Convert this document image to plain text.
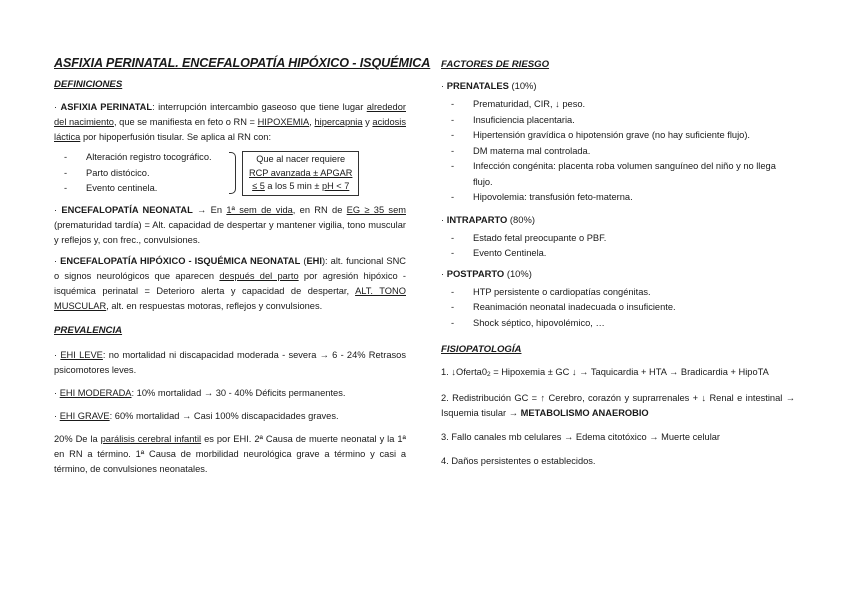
ASFIXIA PERINATAL. ENCEFALOPATÍA HIPÓXICO - ISQUÉMICA
DEFINICIONES

· ASFIXIA PERINATAL: interrupción intercambio gaseoso que tiene lugar alrededor del nacimiento, que se manifiesta en feto o RN = HIPOXEMIA, hipercapnia y acidosis láctica por hipoperfusión tisular. Se aplica al RN con:

- Alteración registro tocográfico.
- Parto distócico.
- Evento centinela.
Que al nacer requiere
RCP avanzada ± APGAR
≤ 5 a los 5 min ± pH < 7

· ENCEFALOPATÍA NEONATAL → En 1ª sem de vida, en RN de EG ≥ 35 sem (prematuridad tardía) = Alt. capacidad de despertar y mantener vigilia, tono muscular y reflejos y, con frec., convulsiones.

· ENCEFALOPATÍA HIPÓXICO - ISQUÉMICA NEONATAL (EHI): alt. funcional SNC o signos neurológicos que aparecen después del parto por agresión hipóxico - isquémica perinatal = Deterioro alerta y capacidad de despertar, ALT. TONO MUSCULAR, alt. en respuestas motoras, reflejos y convulsiones.

PREVALENCIA

· EHI LEVE: no mortalidad ni discapacidad moderada - severa → 6 - 24% Retrasos psicomotores leves.

· EHI MODERADA: 10% mortalidad → 30 - 40% Déficits permanentes.

· EHI GRAVE: 60% mortalidad → Casi 100% discapacidades graves.

20% De la parálisis cerebral infantil es por EHI. 2ª Causa de muerte neonatal y la 1ª en RN a término. 1ª Causa de morbilidad neurológica grave a término y casi a término, de convulsiones neonatales.

FACTORES DE RIESGO
· PRENATALES (10%)
- Prematuridad, CIR, ↓ peso.
- Insuficiencia placentaria.
- Hipertensión gravídica o hipotensión grave (no hay suficiente flujo).
- DM materna mal controlada.
- Infección congénita: placenta roba volumen sanguíneo del niño y no llega flujo.
- Hipovolemia: transfusión feto-materna.
· INTRAPARTO (80%)
- Estado fetal preocupante o PBF.
- Evento Centinela.
· POSTPARTO (10%)
- HTP persistente o cardiopatías congénitas.
- Reanimación neonatal inadecuada o insuficiente.
- Shock séptico, hipovolémico, …
FISIOPATOLOGÍA
1. ↓Oferta02 = Hipoxemia ± GC ↓ → Taquicardia + HTA → Bradicardia + HipoTA
2. Redistribución GC = ↑ Cerebro, corazón y suprarrenales + ↓ Renal e intestinal → Isquemia tisular → METABOLISMO ANAEROBIO
3. Fallo canales mb celulares → Edema citotóxico → Muerte celular
4. Daños persistentes o establecidos.
